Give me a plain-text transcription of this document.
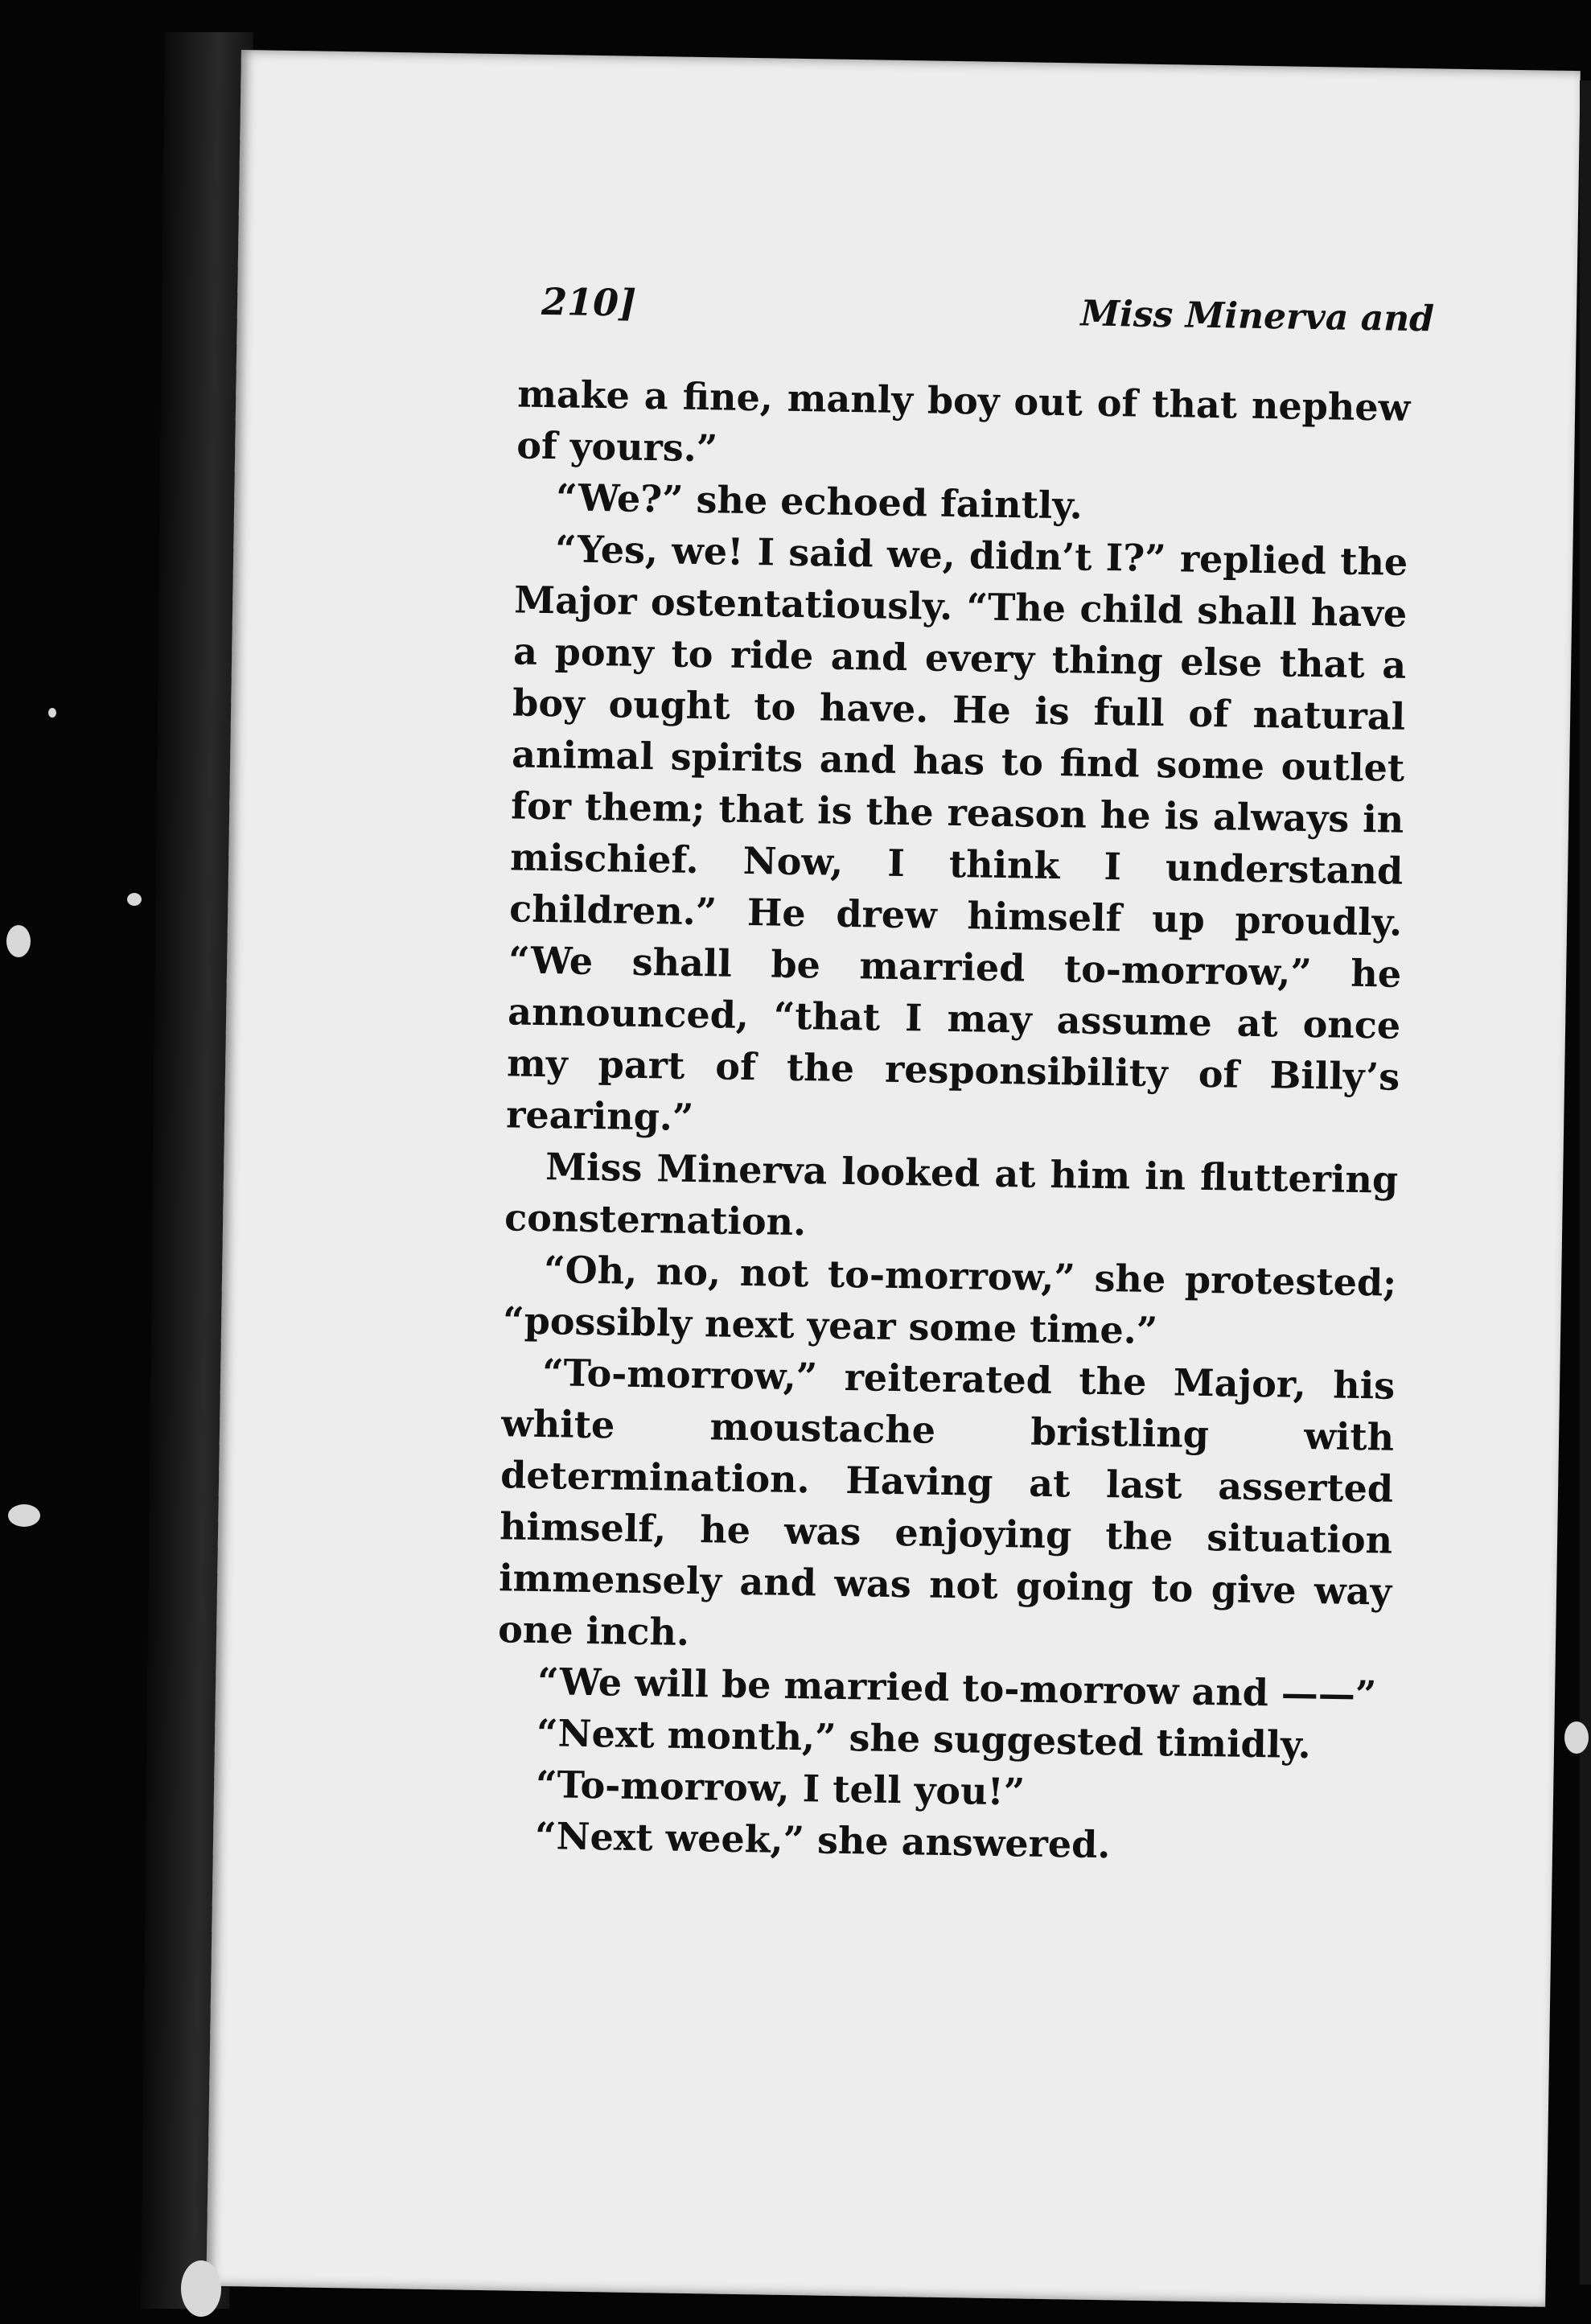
210]	Miss Minerva and

make a fine, manly boy out of that nephew of yours.”

“We?” she echoed faintly.

“Yes, we! I said we, didn’t I?” replied the Major ostentatiously. “The child shall have a pony to ride and every thing else that a boy ought to have. He is full of natural animal spirits and has to find some outlet for them; that is the reason he is always in mischief. Now, I think I understand children.” He drew himself up proudly. “We shall be married to-morrow,” he announced, “that I may assume at once my part of the responsibility of Billy’s rearing.”

Miss Minerva looked at him in fluttering consternation.

“Oh, no, not to-morrow,” she protested; “possibly next year some time.”

“To-morrow,” reiterated the Major, his white moustache bristling with determination. Having at last asserted himself, he was enjoying the situation immensely and was not going to give way one inch.

“We will be married to-morrow and ——”

“Next month,” she suggested timidly.

“To-morrow, I tell you!”

“Next week,” she answered.
